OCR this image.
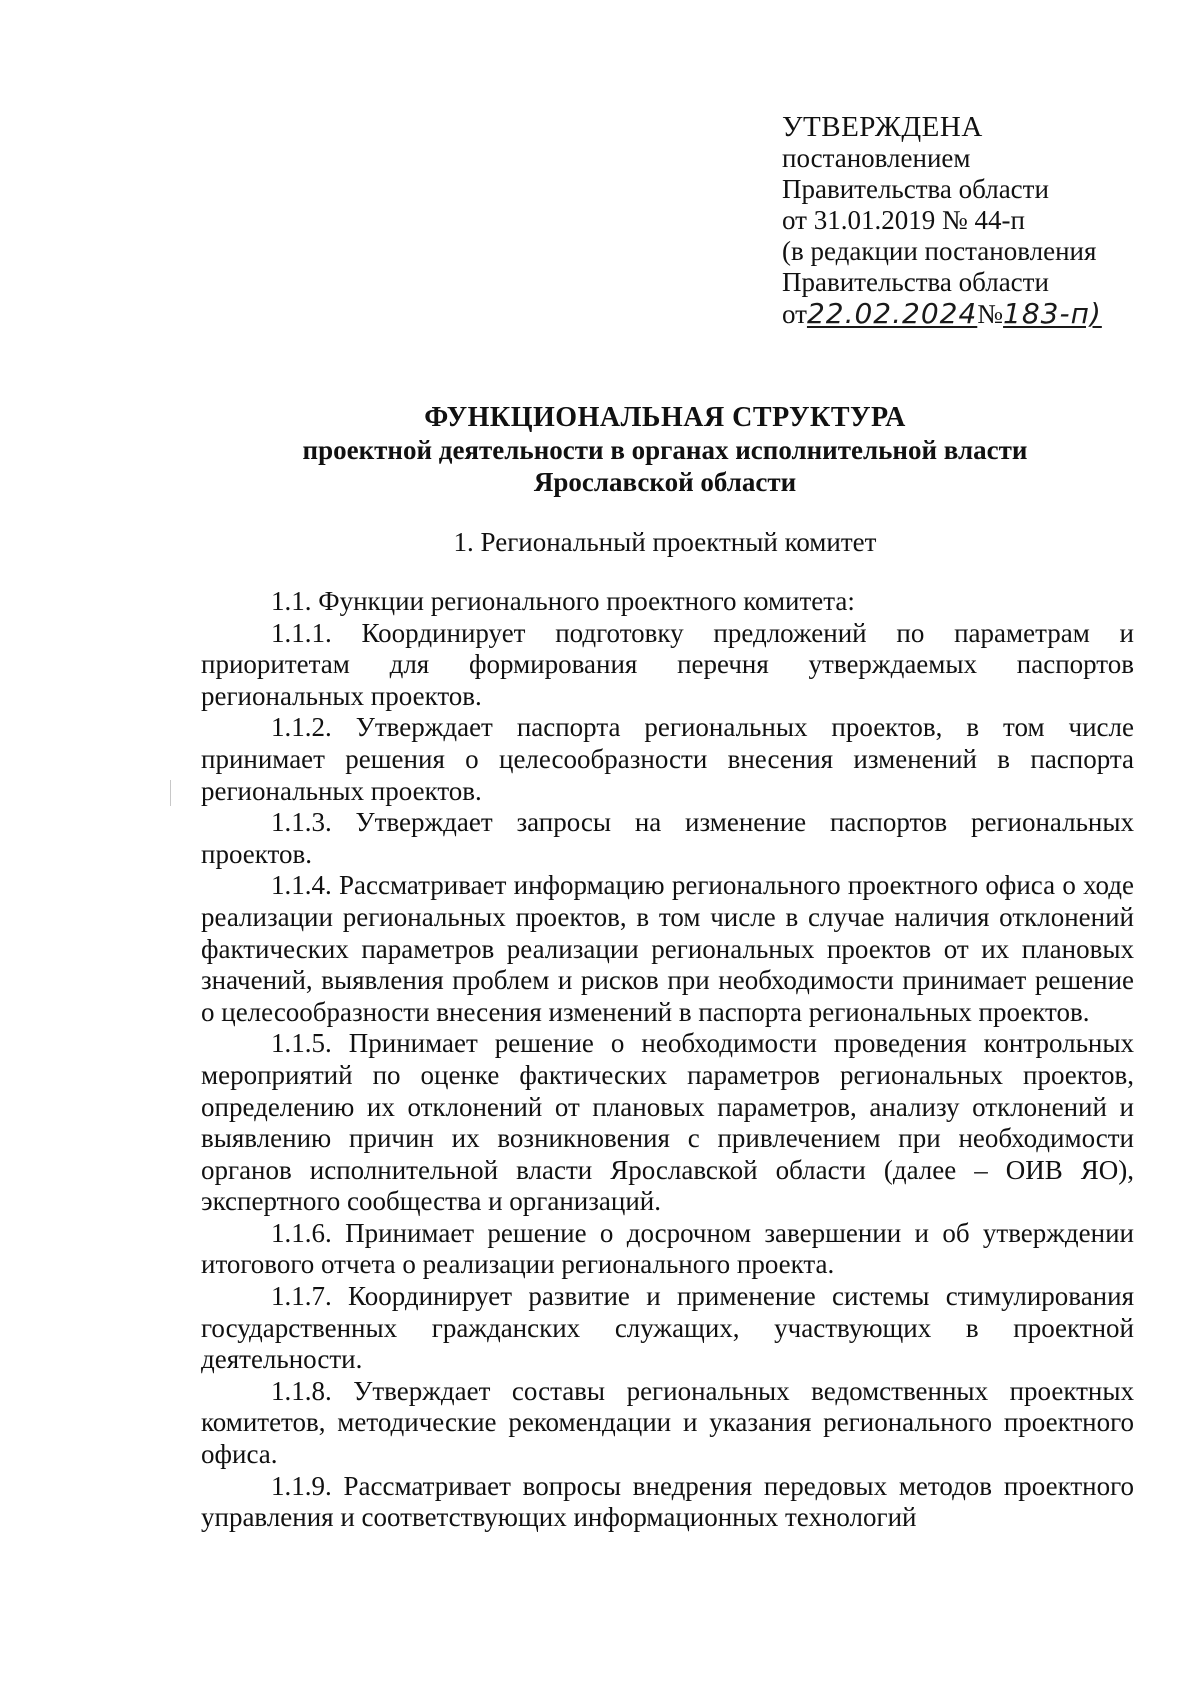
УТВЕРЖДЕНА
постановлением
Правительства области
от 31.01.2019 № 44-п
(в редакции постановления
Правительства области
от22.02.2024№183-п)
ФУНКЦИОНАЛЬНАЯ СТРУКТУРА
проектной деятельности в органах исполнительной власти
Ярославской области
1. Региональный проектный комитет

1.1. Функции регионального проектного комитета:

1.1.1. Координирует подготовку предложений по параметрам и приоритетам для формирования перечня утверждаемых паспортов региональных проектов.

1.1.2. Утверждает паспорта региональных проектов, в том числе принимает решения о целесообразности внесения изменений в паспорта региональных проектов.

1.1.3. Утверждает запросы на изменение паспортов региональных проектов.

1.1.4. Рассматривает информацию регионального проектного офиса о ходе реализации региональных проектов, в том числе в случае наличия отклонений фактических параметров реализации региональных проектов от их плановых значений, выявления проблем и рисков при необходимости принимает решение о целесообразности внесения изменений в паспорта региональных проектов.

1.1.5. Принимает решение о необходимости проведения контрольных мероприятий по оценке фактических параметров региональных проектов, определению их отклонений от плановых параметров, анализу отклонений и выявлению причин их возникновения с привлечением при необходимости органов исполнительной власти Ярославской области (далее – ОИВ ЯО), экспертного сообщества и организаций.

1.1.6. Принимает решение о досрочном завершении и об утверждении итогового отчета о реализации регионального проекта.

1.1.7. Координирует развитие и применение системы стимулирования государственных гражданских служащих, участвующих в проектной деятельности.

1.1.8. Утверждает составы региональных ведомственных проектных комитетов, методические рекомендации и указания регионального проектного офиса.

1.1.9. Рассматривает вопросы внедрения передовых методов проектного управления и соответствующих информационных технологий
